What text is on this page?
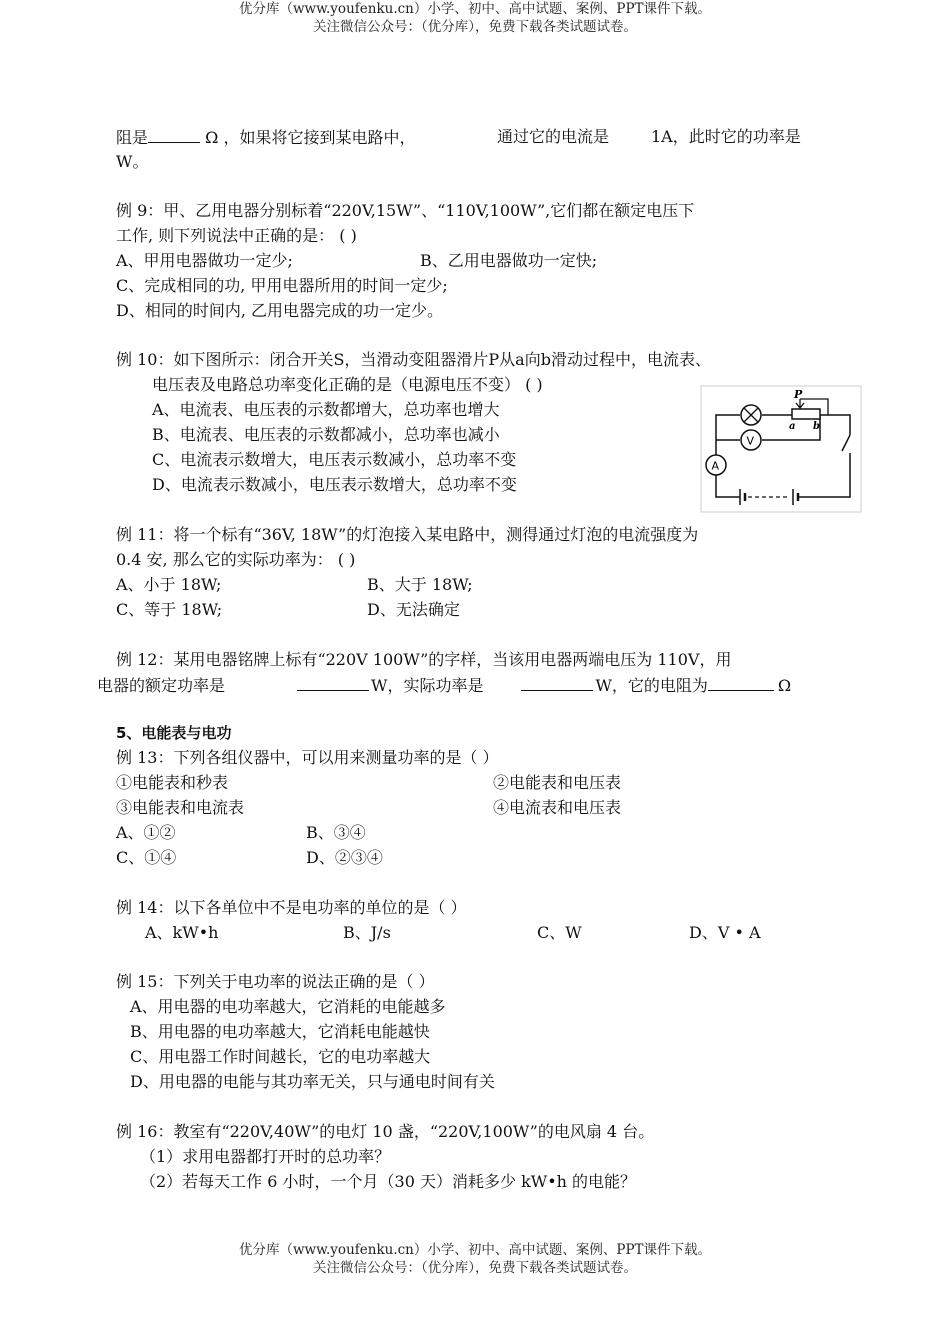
优分库（www.youfenku.cn）小学、初中、高中试题、案例、PPT课件下载。
关注微信公众号：（优分库），免费下载各类试题试卷。
阻是	Ω ，如果将它接到某电路中，	通过它的电流是	1A，此时它的功率是
W。
例 9：甲、乙用电器分别标着“220V,15W”、“110V,100W”,它们都在额定电压下
工作, 则下列说法中正确的是： ( )
A、甲用电器做功一定少;	B、乙用电器做功一定快;
C、完成相同的功, 甲用电器所用的时间一定少;
D、相同的时间内, 乙用电器完成的功一定少。
例 10：如下图所示：闭合开关S，当滑动变阻器滑片P从a向b滑动过程中，电流表、
电压表及电路总功率变化正确的是（电源电压不变） ( )
A、电流表、电压表的示数都增大，总功率也增大
B、电流表、电压表的示数都减小，总功率也减小
C、电流表示数增大，电压表示数减小，总功率不变
D、电流表示数减小，电压表示数增大，总功率不变
P
a b
V
A
例 11：将一个标有“36V, 18W”的灯泡接入某电路中，测得通过灯泡的电流强度为
0.4 安, 那么它的实际功率为： ( )
A、小于 18W;	B、大于 18W;
C、等于 18W;	D、无法确定
例 12：某用电器铭牌上标有“220V 100W”的字样，当该用电器两端电压为 110V，用
电器的额定功率是	W，实际功率是	W，它的电阻为	Ω
5、电能表与电功
例 13：下列各组仪器中，可以用来测量功率的是（ ）
①电能表和秒表	②电能表和电压表
③电能表和电流表	④电流表和电压表
A、①②	B、③④
C、①④	D、②③④
例 14：以下各单位中不是电功率的单位的是（ ）
A、kW•h	B、J/s	C、W	D、V • A
例 15：下列关于电功率的说法正确的是（ ）
A、用电器的电功率越大，它消耗的电能越多
B、用电器的电功率越大，它消耗电能越快
C、用电器工作时间越长，它的电功率越大
D、用电器的电能与其功率无关，只与通电时间有关
例 16：教室有“220V,40W”的电灯 10 盏，“220V,100W”的电风扇 4 台。
（1）求用电器都打开时的总功率？
（2）若每天工作 6 小时，一个月（30 天）消耗多少 kW•h 的电能？
优分库（www.youfenku.cn）小学、初中、高中试题、案例、PPT课件下载。
关注微信公众号：（优分库），免费下载各类试题试卷。
